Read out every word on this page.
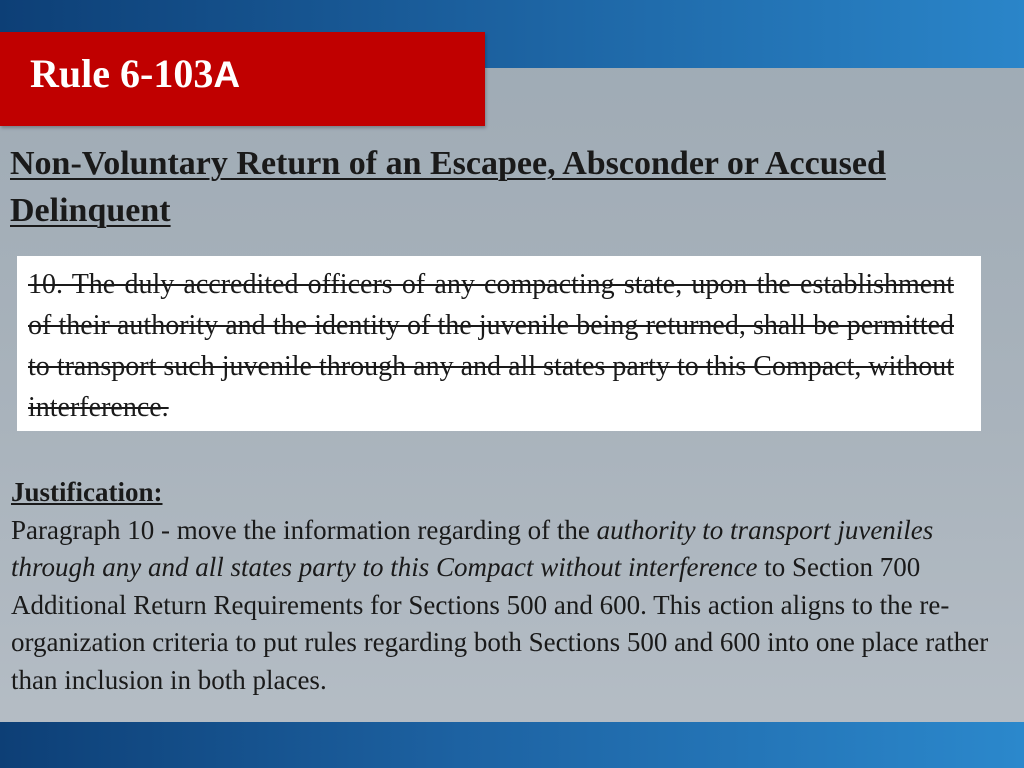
Rule 6-103A
Non-Voluntary Return of an Escapee, Absconder or Accused Delinquent

10. The duly accredited officers of any compacting state, upon the establishment of their authority and the identity of the juvenile being returned, shall be permitted to transport such juvenile through any and all states party to this Compact, without interference.

Justification:
Paragraph 10 - move the information regarding of the authority to transport juveniles through any and all states party to this Compact without interference to Section 700 Additional Return Requirements for Sections 500 and 600. This action aligns to the re-organization criteria to put rules regarding both Sections 500 and 600 into one place rather than inclusion in both places.
